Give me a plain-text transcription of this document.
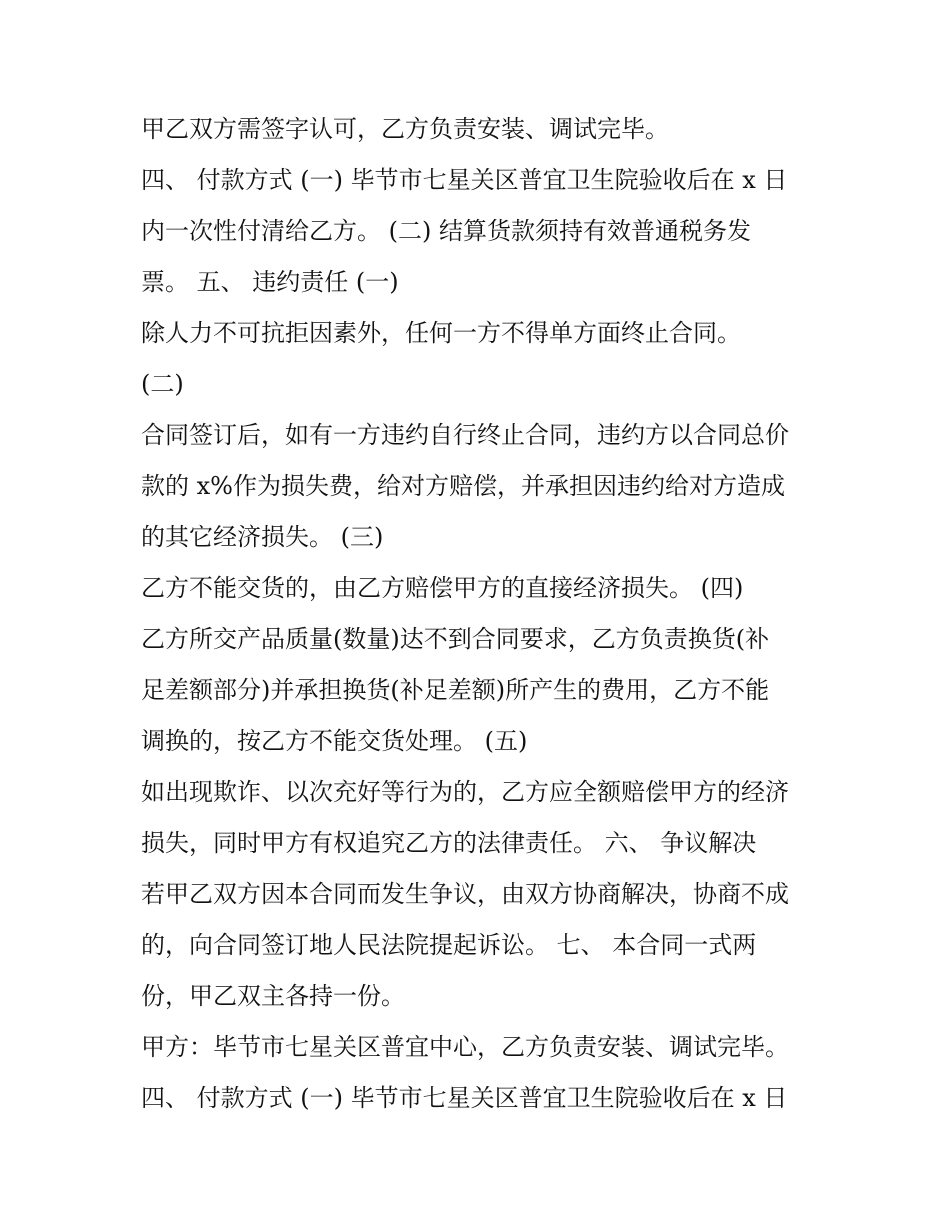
甲乙双方需签字认可，乙方负责安装、调试完毕。
四、 付款方式 (一) 毕节市七星关区普宜卫生院验收后在 x 日
内一次性付清给乙方。 (二) 结算货款须持有效普通税务发
票。 五、 违约责任 (一)
除人力不可抗拒因素外，任何一方不得单方面终止合同。
(二)
合同签订后，如有一方违约自行终止合同，违约方以合同总价
款的 x%作为损失费，给对方赔偿，并承担因违约给对方造成
的其它经济损失。 (三)
乙方不能交货的，由乙方赔偿甲方的直接经济损失。 (四)
乙方所交产品质量(数量)达不到合同要求，乙方负责换货(补
足差额部分)并承担换货(补足差额)所产生的费用，乙方不能
调换的，按乙方不能交货处理。 (五)
如出现欺诈、以次充好等行为的，乙方应全额赔偿甲方的经济
损失，同时甲方有权追究乙方的法律责任。 六、 争议解决
若甲乙双方因本合同而发生争议，由双方协商解决，协商不成
的，向合同签订地人民法院提起诉讼。 七、 本合同一式两
份，甲乙双主各持一份。
甲方：毕节市七星关区普宜中心，乙方负责安装、调试完毕。
四、 付款方式 (一) 毕节市七星关区普宜卫生院验收后在 x 日
